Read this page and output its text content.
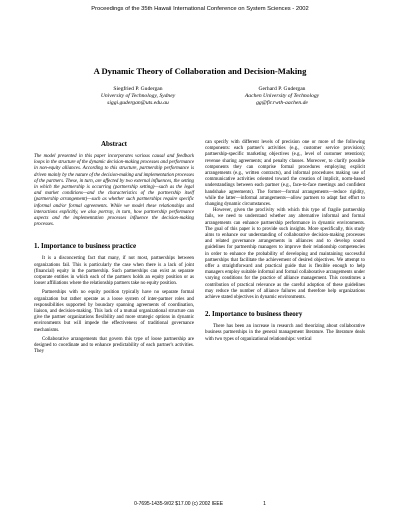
Proceedings of the 35th Hawaii International Conference on System Sciences - 2002
A Dynamic Theory of Collaboration and Decision-Making
Siegfried P. Gudergan
University of Technology, Sydney
siggi.gudergan@uts.edu.au
Gerhard P. Gudergan
Aachen University of Technology
gg@fir.rwth-aachen.de
Abstract

The model presented in this paper incorporates various causal and feedback loops in the structure of the dynamic decision-making processes and performance in non-equity alliances. According to this structure, partnership performance is driven mainly by the nature of the decision-making and implementation processes of the partners. These, in turn, are affected by two external influences, the setting in which the partnership is occurring (partnership setting)—such as the legal and market conditions—and the characteristics of the partnership itself (partnership arrangement)—such as whether such partnerships require specific informal and/or formal agreements. While we model these relationships and interactions explicitly, we also portray, in turn, how partnership performance aspects and the implementation processes influence the decision-making processes.

1. Importance to business practice

It is a disconcerting fact that many, if not most, partnerships between organizations fail. This is particularly the case when there is a lack of joint (financial) equity in the partnership. Such partnerships can exist as separate corporate entities in which each of the partners holds an equity position or as looser affiliations where the relationship partners take no equity position.

Partnerships with no equity position typically have no separate formal organization but rather operate as a loose system of inter-partner roles and responsibilities supported by boundary spanning agreements of coordination, liaison, and decision-making. This lack of a mutual organizational structure can give the partner organizations flexibility and more strategic options in dynamic environments but will impede the effectiveness of traditional governance mechanisms.

Collaborative arrangements that govern this type of loose partnership are designed to coordinate and to enhance predictability of each partner's activities. They

can specify with different levels of precision one or more of the following components: each partner's activities (e.g., customer service provision); partnership-specific marketing objectives (e.g., level of customer retention); revenue sharing agreements; and penalty clauses. Moreover, to clarify possible components they can comprise formal procedures employing explicit arrangements (e.g., written contracts), and informal procedures making use of communicative activities oriented toward the creation of implicit, norm-based understandings between each partner (e.g., face-to-face meetings and confident handshake agreements). The former—formal arrangements—reduce rigidity, while the latter—informal arrangements—allow partners to adapt fast effort to changing dynamic circumstances.

However, given the proclivity with which this type of fragile partnership fails, we need to understand whether any alternative informal and formal arrangements can enhance partnership performance in dynamic environments. The goal of this paper is to provide such insights. More specifically, this study aims to enhance our understanding of collaborative decision-making processes and related governance arrangements in alliances and to develop sound guidelines for partnership managers to improve their relationship competencies in order to enhance the probability of developing and maintaining successful partnerships that facilitate the achievement of desired objectives. We attempt to offer a straightforward and practical guide that is flexible enough to help managers employ suitable informal and formal collaborative arrangements under varying conditions for the practice of alliance management. This constitutes a contribution of practical relevance as the careful adoption of these guidelines may reduce the number of alliance failures and therefore help organizations achieve stated objectives in dynamic environments.

2. Importance to business theory

There has been an increase in research and theorizing about collaborative business partnerships in the general management literature. The literature deals with two types of organizational relationships: vertical

0-7695-1435-9/02 $17.00 (c) 2002 IEEE	1
